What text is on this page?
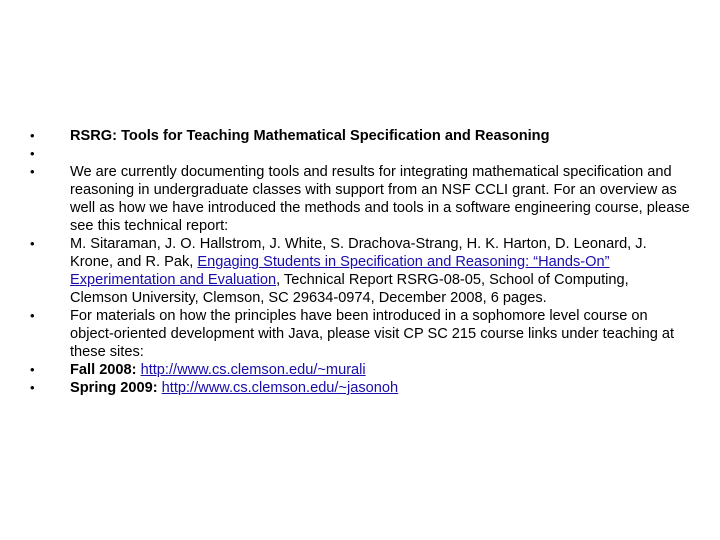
•	RSRG: Tools for Teaching Mathematical Specification and Reasoning
•
•	We are currently documenting tools and results for integrating mathematical specification and reasoning in undergraduate classes with support from an NSF CCLI grant. For an overview as well as how we have introduced the methods and tools in a software engineering course, please see this technical report:
•	M. Sitaraman, J. O. Hallstrom, J. White, S. Drachova-Strang, H. K. Harton, D. Leonard, J. Krone, and R. Pak, Engaging Students in Specification and Reasoning: “Hands-On” Experimentation and Evaluation, Technical Report RSRG-08-05, School of Computing, Clemson University, Clemson, SC 29634-0974, December 2008, 6 pages.
•	For materials on how the principles have been introduced in a sophomore level course on object-oriented development with Java, please visit CP SC 215 course links under teaching at these sites:
•	Fall 2008: http://www.cs.clemson.edu/~murali
•	Spring 2009: http://www.cs.clemson.edu/~jasonoh
